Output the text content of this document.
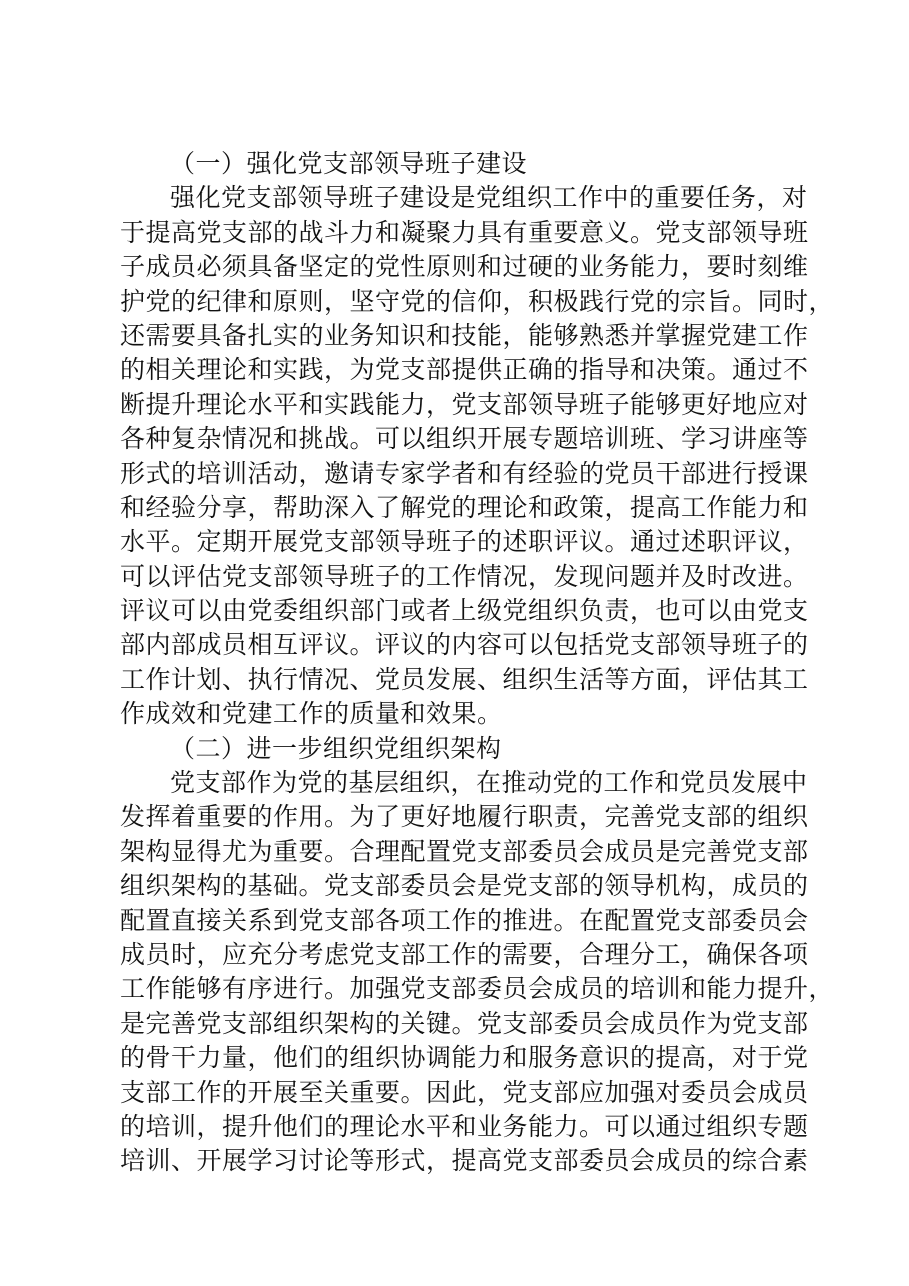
（一）强化党支部领导班子建设
强化党支部领导班子建设是党组织工作中的重要任务，对
于提高党支部的战斗力和凝聚力具有重要意义。党支部领导班
子成员必须具备坚定的党性原则和过硬的业务能力，要时刻维
护党的纪律和原则，坚守党的信仰，积极践行党的宗旨。同时，
还需要具备扎实的业务知识和技能，能够熟悉并掌握党建工作
的相关理论和实践，为党支部提供正确的指导和决策。通过不
断提升理论水平和实践能力，党支部领导班子能够更好地应对
各种复杂情况和挑战。可以组织开展专题培训班、学习讲座等
形式的培训活动，邀请专家学者和有经验的党员干部进行授课
和经验分享，帮助深入了解党的理论和政策，提高工作能力和
水平。定期开展党支部领导班子的述职评议。通过述职评议，
可以评估党支部领导班子的工作情况，发现问题并及时改进。
评议可以由党委组织部门或者上级党组织负责，也可以由党支
部内部成员相互评议。评议的内容可以包括党支部领导班子的
工作计划、执行情况、党员发展、组织生活等方面，评估其工
作成效和党建工作的质量和效果。
（二）进一步组织党组织架构
党支部作为党的基层组织，在推动党的工作和党员发展中
发挥着重要的作用。为了更好地履行职责，完善党支部的组织
架构显得尤为重要。合理配置党支部委员会成员是完善党支部
组织架构的基础。党支部委员会是党支部的领导机构，成员的
配置直接关系到党支部各项工作的推进。在配置党支部委员会
成员时，应充分考虑党支部工作的需要，合理分工，确保各项
工作能够有序进行。加强党支部委员会成员的培训和能力提升，
是完善党支部组织架构的关键。党支部委员会成员作为党支部
的骨干力量，他们的组织协调能力和服务意识的提高，对于党
支部工作的开展至关重要。因此，党支部应加强对委员会成员
的培训，提升他们的理论水平和业务能力。可以通过组织专题
培训、开展学习讨论等形式，提高党支部委员会成员的综合素
